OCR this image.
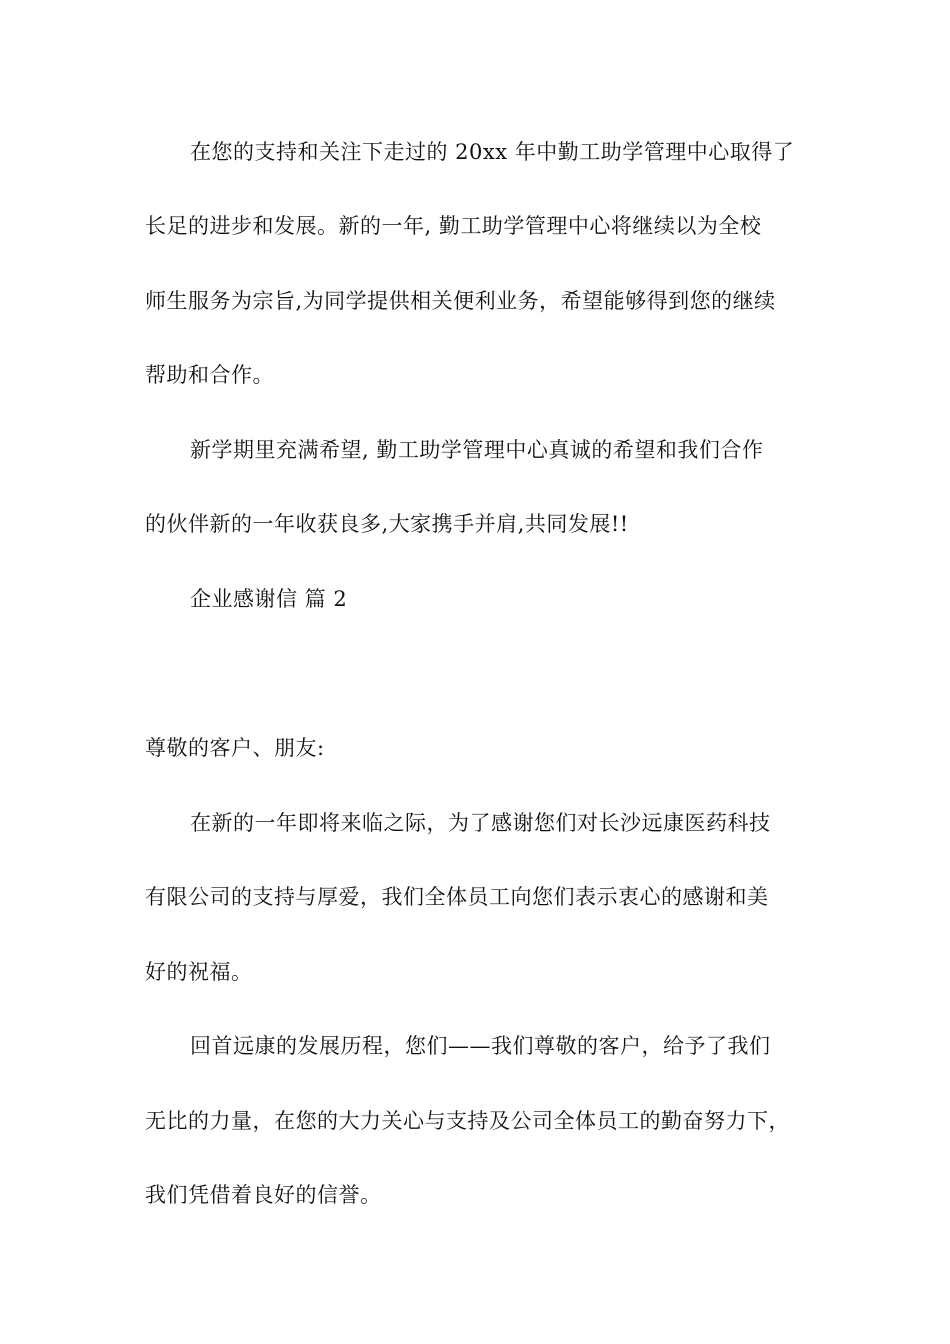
在您的支持和关注下走过的 20xx 年中勤工助学管理中心取得了
长足的进步和发展。新的一年, 勤工助学管理中心将继续以为全校
师生服务为宗旨,为同学提供相关便利业务，希望能够得到您的继续
帮助和合作。
新学期里充满希望, 勤工助学管理中心真诚的希望和我们合作
的伙伴新的一年收获良多,大家携手并肩,共同发展!!
企业感谢信 篇 2
尊敬的客户、朋友:
在新的一年即将来临之际，为了感谢您们对长沙远康医药科技
有限公司的支持与厚爱，我们全体员工向您们表示衷心的感谢和美
好的祝福。
回首远康的发展历程，您们——我们尊敬的客户，给予了我们
无比的力量，在您的大力关心与支持及公司全体员工的勤奋努力下，
我们凭借着良好的信誉。
